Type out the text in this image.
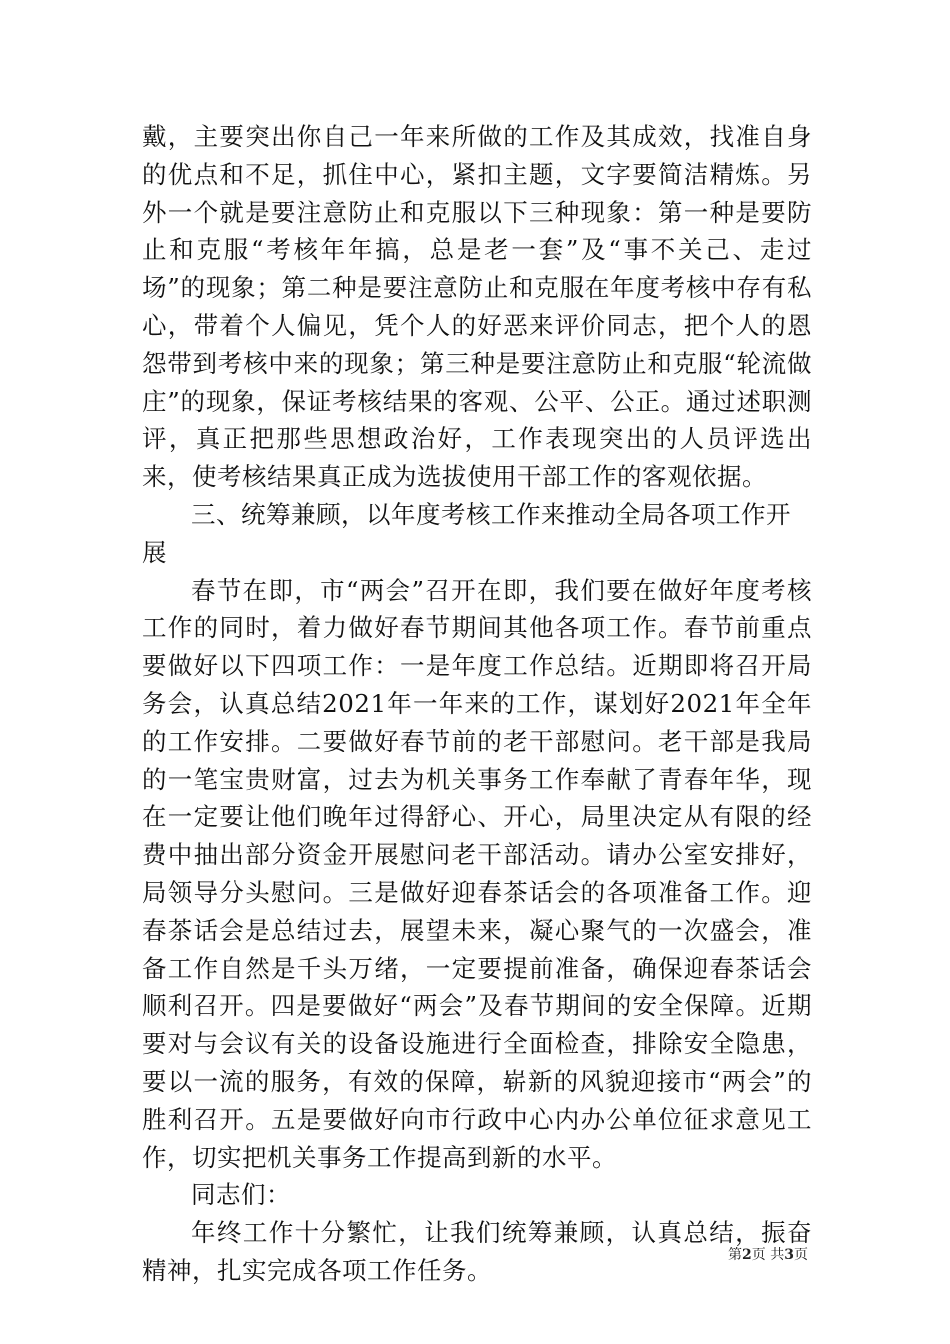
戴，主要突出你自己一年来所做的工作及其成效，找准自身的优点和不足，抓住中心，紧扣主题，文字要简洁精炼。另外一个就是要注意防止和克服以下三种现象：第一种是要防止和克服“考核年年搞，总是老一套”及“事不关己、走过场”的现象；第二种是要注意防止和克服在年度考核中存有私心，带着个人偏见，凭个人的好恶来评价同志，把个人的恩怨带到考核中来的现象；第三种是要注意防止和克服“轮流做庄”的现象，保证考核结果的客观、公平、公正。通过述职测评，真正把那些思想政治好，工作表现突出的人员评选出来，使考核结果真正成为选拔使用干部工作的客观依据。

三、统筹兼顾，以年度考核工作来推动全局各项工作开展

春节在即，市“两会”召开在即，我们要在做好年度考核工作的同时，着力做好春节期间其他各项工作。春节前重点要做好以下四项工作：一是年度工作总结。近期即将召开局务会，认真总结2021年一年来的工作，谋划好2021年全年的工作安排。二要做好春节前的老干部慰问。老干部是我局的一笔宝贵财富，过去为机关事务工作奉献了青春年华，现在一定要让他们晚年过得舒心、开心，局里决定从有限的经费中抽出部分资金开展慰问老干部活动。请办公室安排好，局领导分头慰问。三是做好迎春茶话会的各项准备工作。迎春茶话会是总结过去，展望未来，凝心聚气的一次盛会，准备工作自然是千头万绪，一定要提前准备，确保迎春茶话会顺利召开。四是要做好“两会”及春节期间的安全保障。近期要对与会议有关的设备设施进行全面检查，排除安全隐患，要以一流的服务，有效的保障，崭新的风貌迎接市“两会”的胜利召开。五是要做好向市行政中心内办公单位征求意见工作，切实把机关事务工作提高到新的水平。

同志们：

年终工作十分繁忙，让我们统筹兼顾，认真总结，振奋精神，扎实完成各项工作任务。

第2页 共3页
